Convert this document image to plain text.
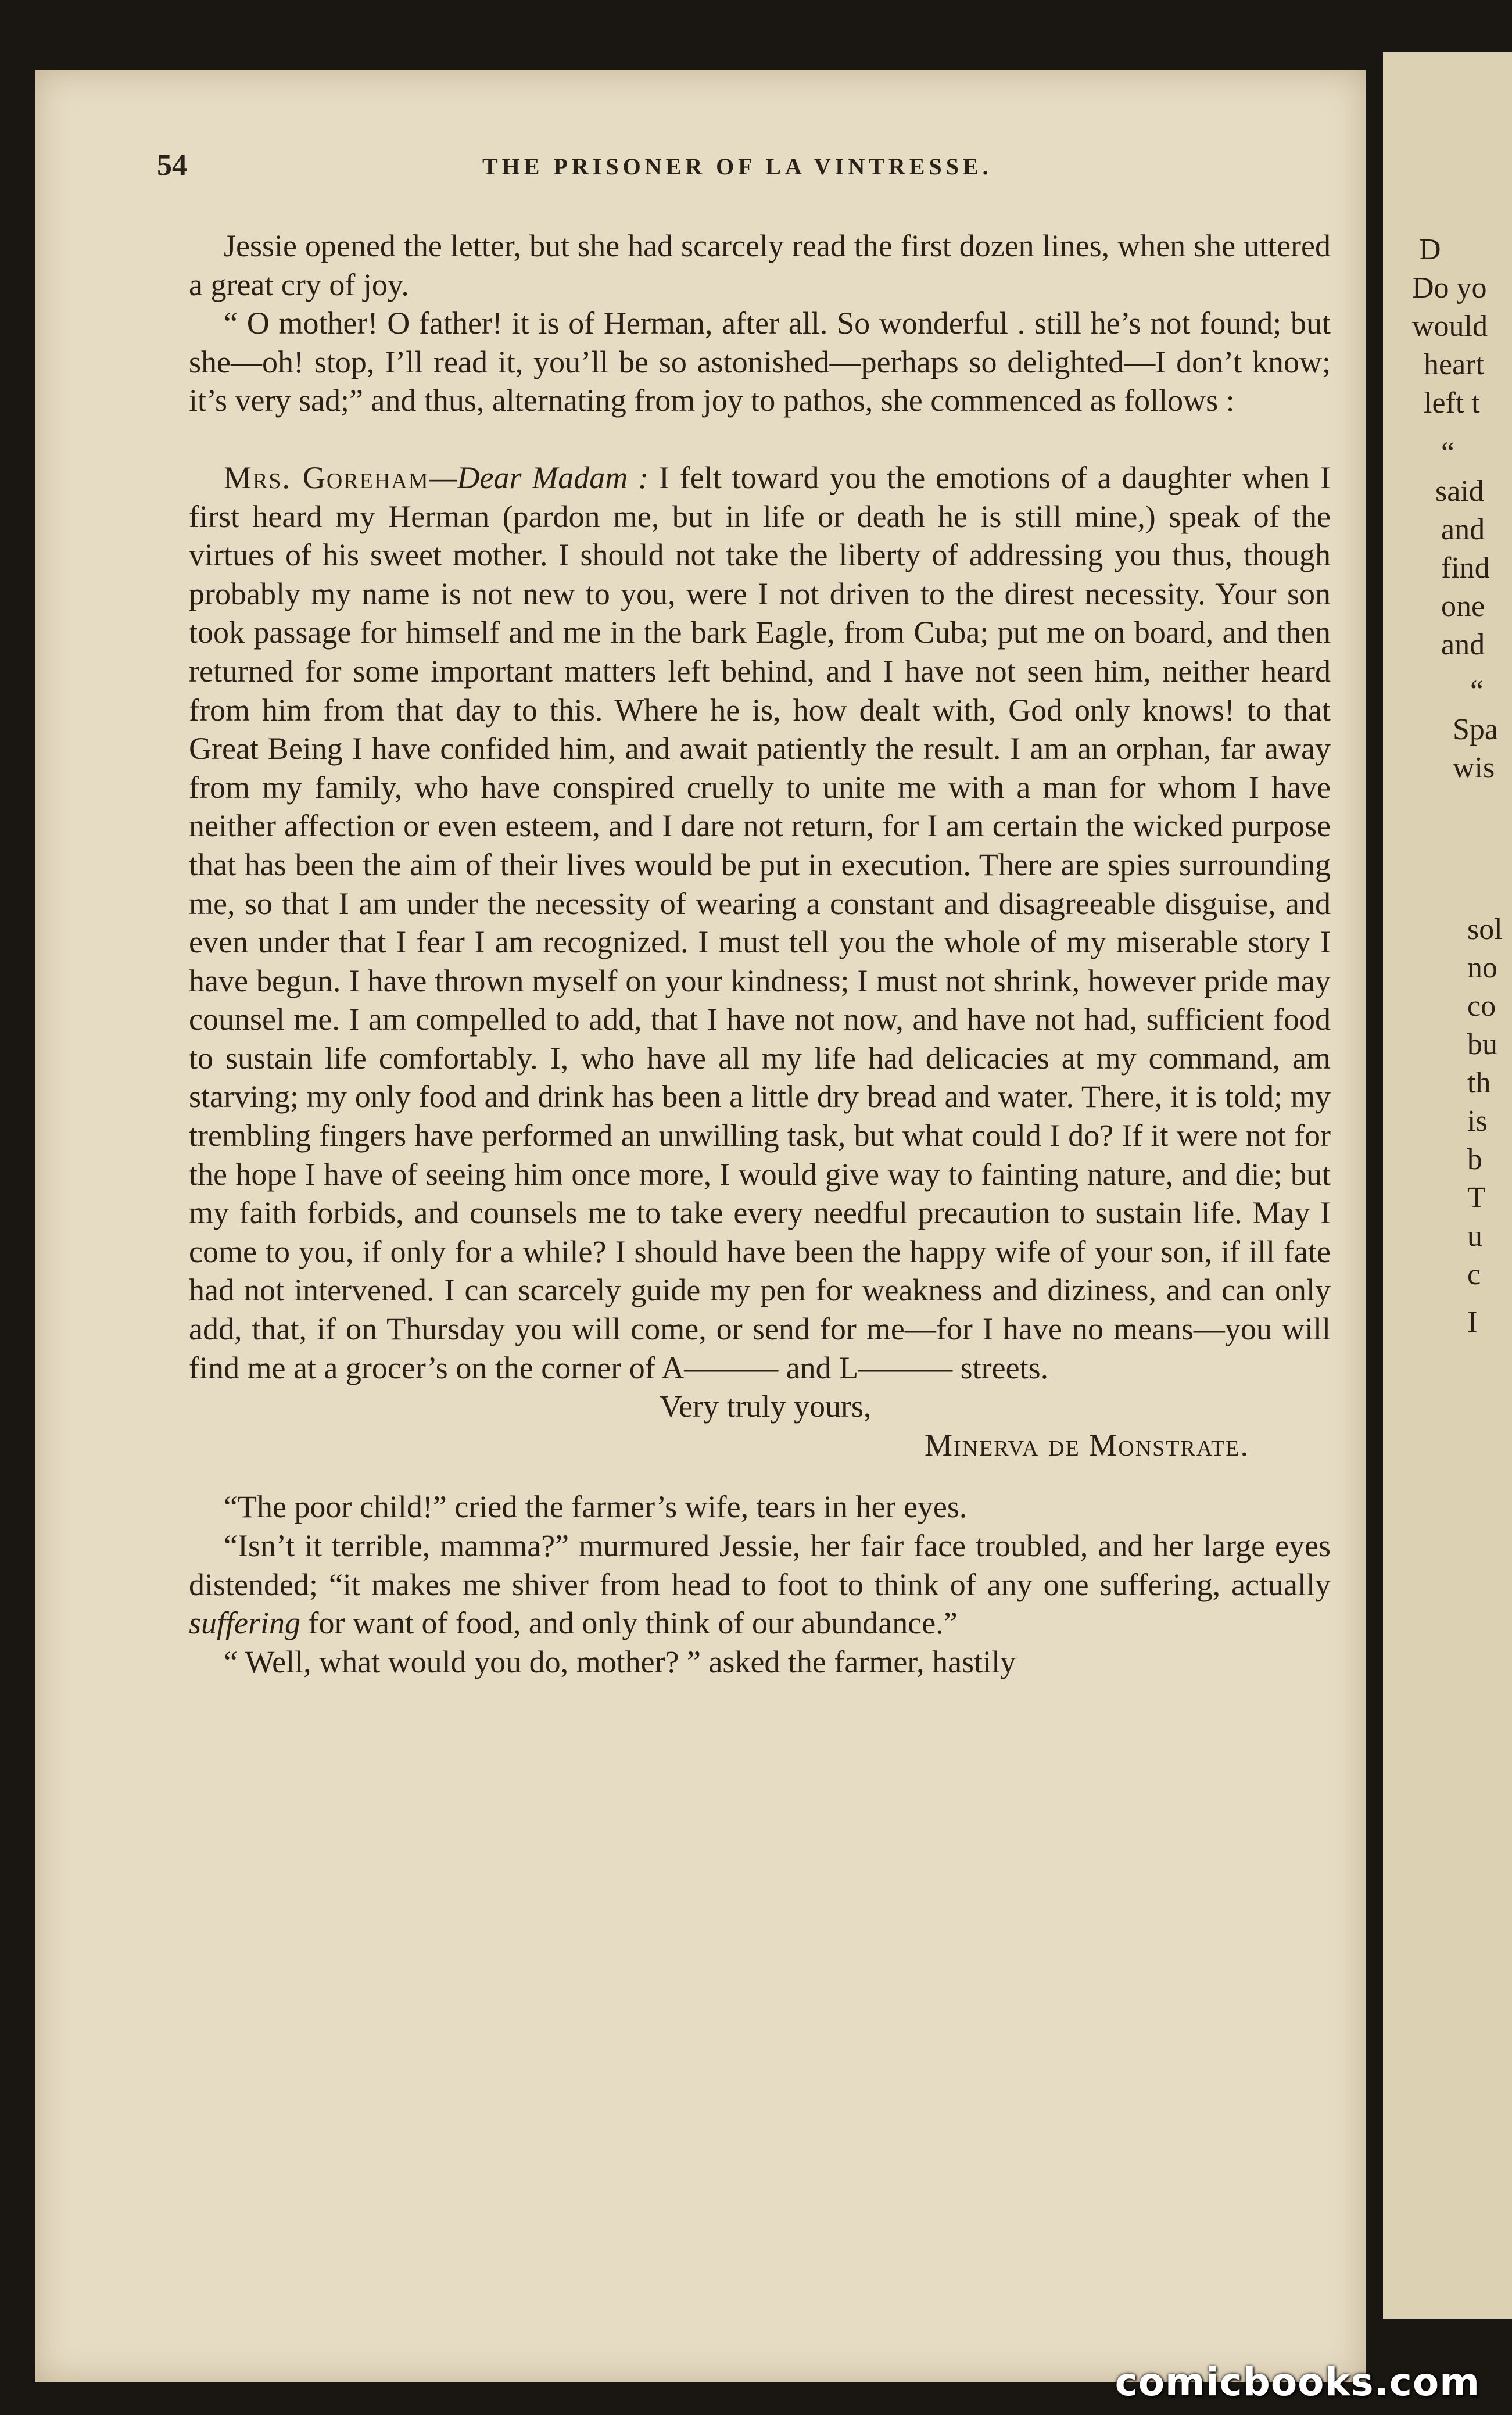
54	THE PRISONER OF LA VINTRESSE.

Jessie opened the letter, but she had scarcely read the first dozen lines, when she uttered a great cry of joy.

“ O mother! O father! it is of Herman, after all. So wonderful . still he’s not found; but she—oh! stop, I’ll read it, you’ll be so astonished—perhaps so delighted—I don’t know; it’s very sad;” and thus, alternating from joy to pathos, she commenced as follows :

Mrs. Goreham—Dear Madam : I felt toward you the emotions of a daughter when I first heard my Herman (pardon me, but in life or death he is still mine,) speak of the virtues of his sweet mother. I should not take the liberty of addressing you thus, though probably my name is not new to you, were I not driven to the direst necessity. Your son took passage for himself and me in the bark Eagle, from Cuba; put me on board, and then returned for some important matters left behind, and I have not seen him, neither heard from him from that day to this. Where he is, how dealt with, God only knows! to that Great Being I have confided him, and await patiently the result. I am an orphan, far away from my family, who have conspired cruelly to unite me with a man for whom I have neither affection or even esteem, and I dare not return, for I am certain the wicked purpose that has been the aim of their lives would be put in execution. There are spies surrounding me, so that I am under the necessity of wearing a constant and disagreeable disguise, and even under that I fear I am recognized. I must tell you the whole of my miserable story I have begun. I have thrown myself on your kindness; I must not shrink, however pride may counsel me. I am compelled to add, that I have not now, and have not had, sufficient food to sustain life comfortably. I, who have all my life had delicacies at my command, am starving; my only food and drink has been a little dry bread and water. There, it is told; my trembling fingers have performed an unwilling task, but what could I do? If it were not for the hope I have of seeing him once more, I would give way to fainting nature, and die; but my faith forbids, and counsels me to take every needful precaution to sustain life. May I come to you, if only for a while? I should have been the happy wife of your son, if ill fate had not intervened. I can scarcely guide my pen for weakness and diziness, and can only add, that, if on Thursday you will come, or send for me—for I have no means—you will find me at a grocer’s on the corner of A——— and L——— streets.

Very truly yours,

Minerva de Monstrate.

“The poor child!” cried the farmer’s wife, tears in her eyes.

“Isn’t it terrible, mamma?” murmured Jessie, her fair face troubled, and her large eyes distended; “it makes me shiver from head to foot to think of any one suffering, actually suffering for want of food, and only think of our abundance.”

“ Well, what would you do, mother? ” asked the farmer, hastily

D
Do yo
would
heart
left t
“
said
and
find
one
and
“
Spa
wis
sol
no
co
bu
th
is
b
T
u
c
I
comicbooks.com
